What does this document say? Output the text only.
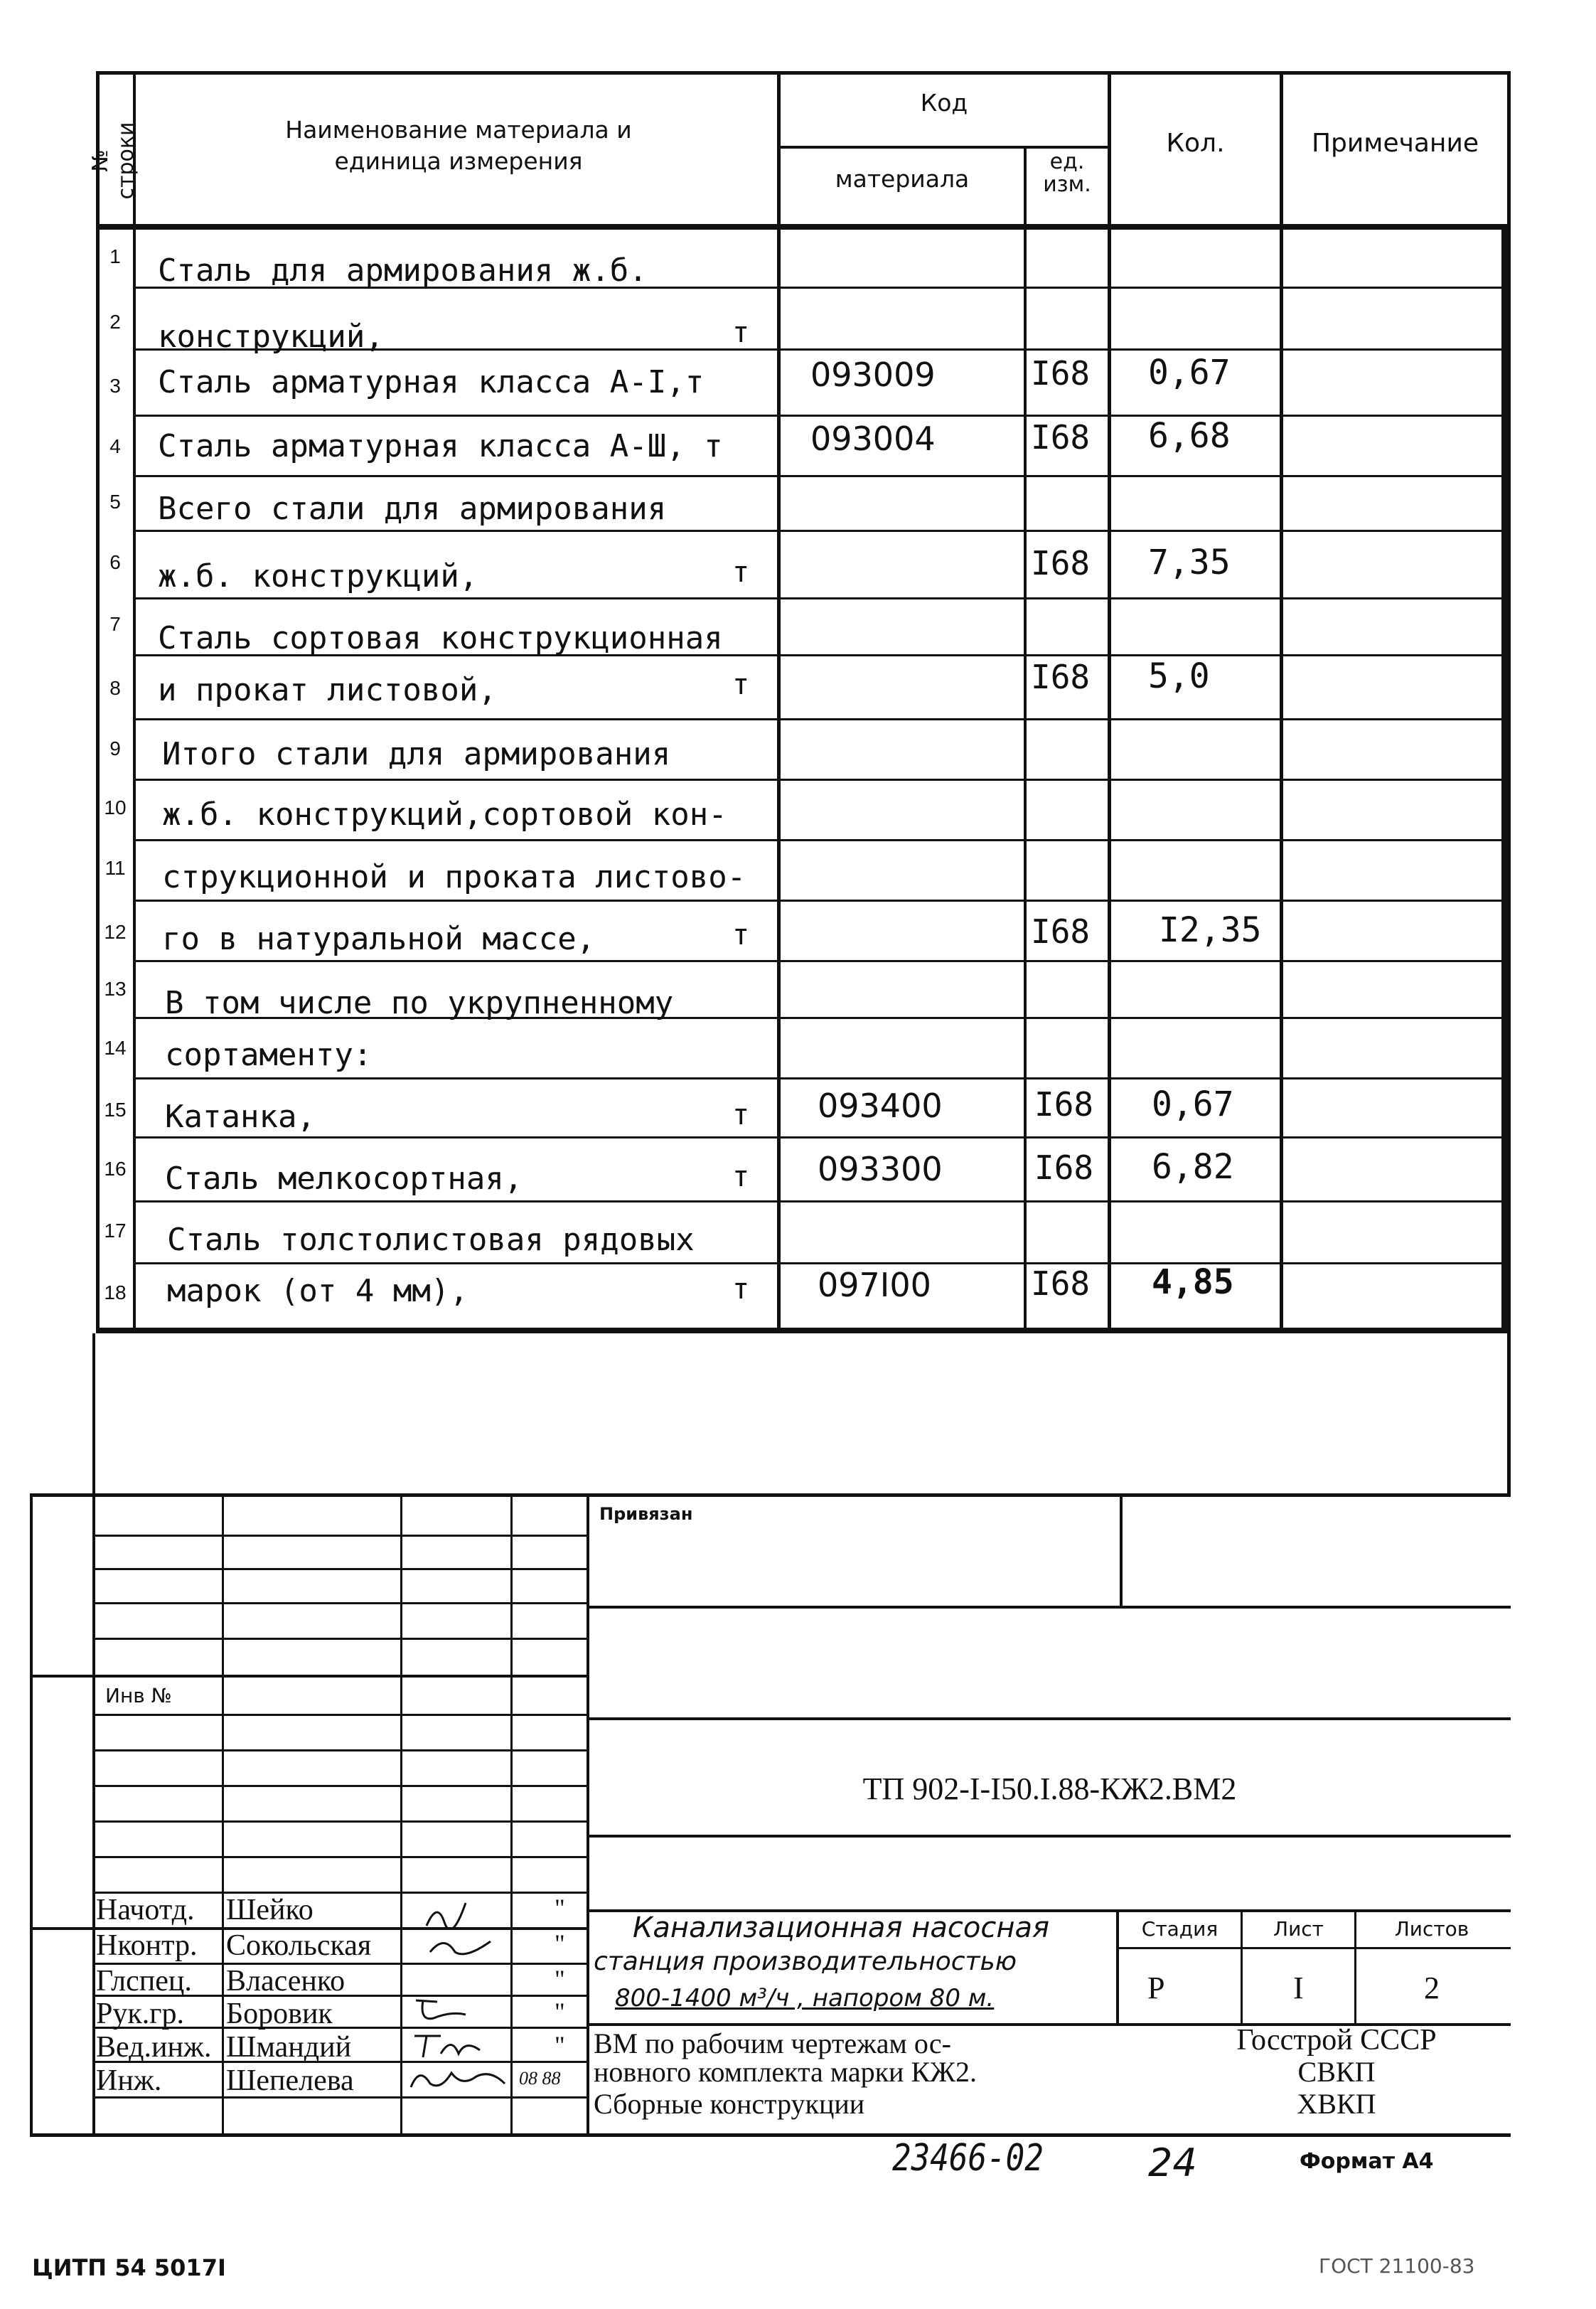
№ строки	Наименование материала и
единица измерения
Код
материала
ед.
изм.
Кол.	Примечание
1	Сталь для армирования ж.б.
2	конструкций,	т
3	Сталь арматурная класса А-I,т	093009	I68 0,67
4	Сталь арматурная класса А-Ш, т	093004	I68 6,68
5	Всего стали для армирования
6	ж.б. конструкций,	т	I68 7,35
7	Сталь сортовая конструкционная
8	и прокат листовой,	т	I68 5,0
9	Итого стали для армирования
10 ж.б. конструкций,сортовой кон-
11 струкционной и проката листово-
12 го в натуральной массе,	т	I68 I2,35
13 В том числе по укрупненному
14 сортаменту:
15 Катанка,	т 093400	I68 0,67
16 Сталь мелкосортная,	т 093300	I68 6,82
17 Сталь толстолистовая рядовых
18 марок (от 4 мм),	т 097I00	I68 4,85
Привязан
Инв №
ТП 902-I-I50.I.88-КЖ2.ВМ2
Начотд. Шейко	"
Нконтр. Сокольская	"
Глспец. Власенко	"
Рук.гр. Боровик	"
Вед.инж. Шмандий	"
Инж. Шепелева	08 88
Канализационная насосная
станция производительностью
800-1400 м³/ч , напором 80 м.
ВМ по рабочим чертежам ос-
новного комплекта марки КЖ2.
Сборные конструкции
Стадия	Лист	Листов
Р	I	2
Госстрой СССР
СВКП
ХВКП
23466-02	24	Формат А4
ЦИТП 54 5017I	ГОСТ 21100-83
